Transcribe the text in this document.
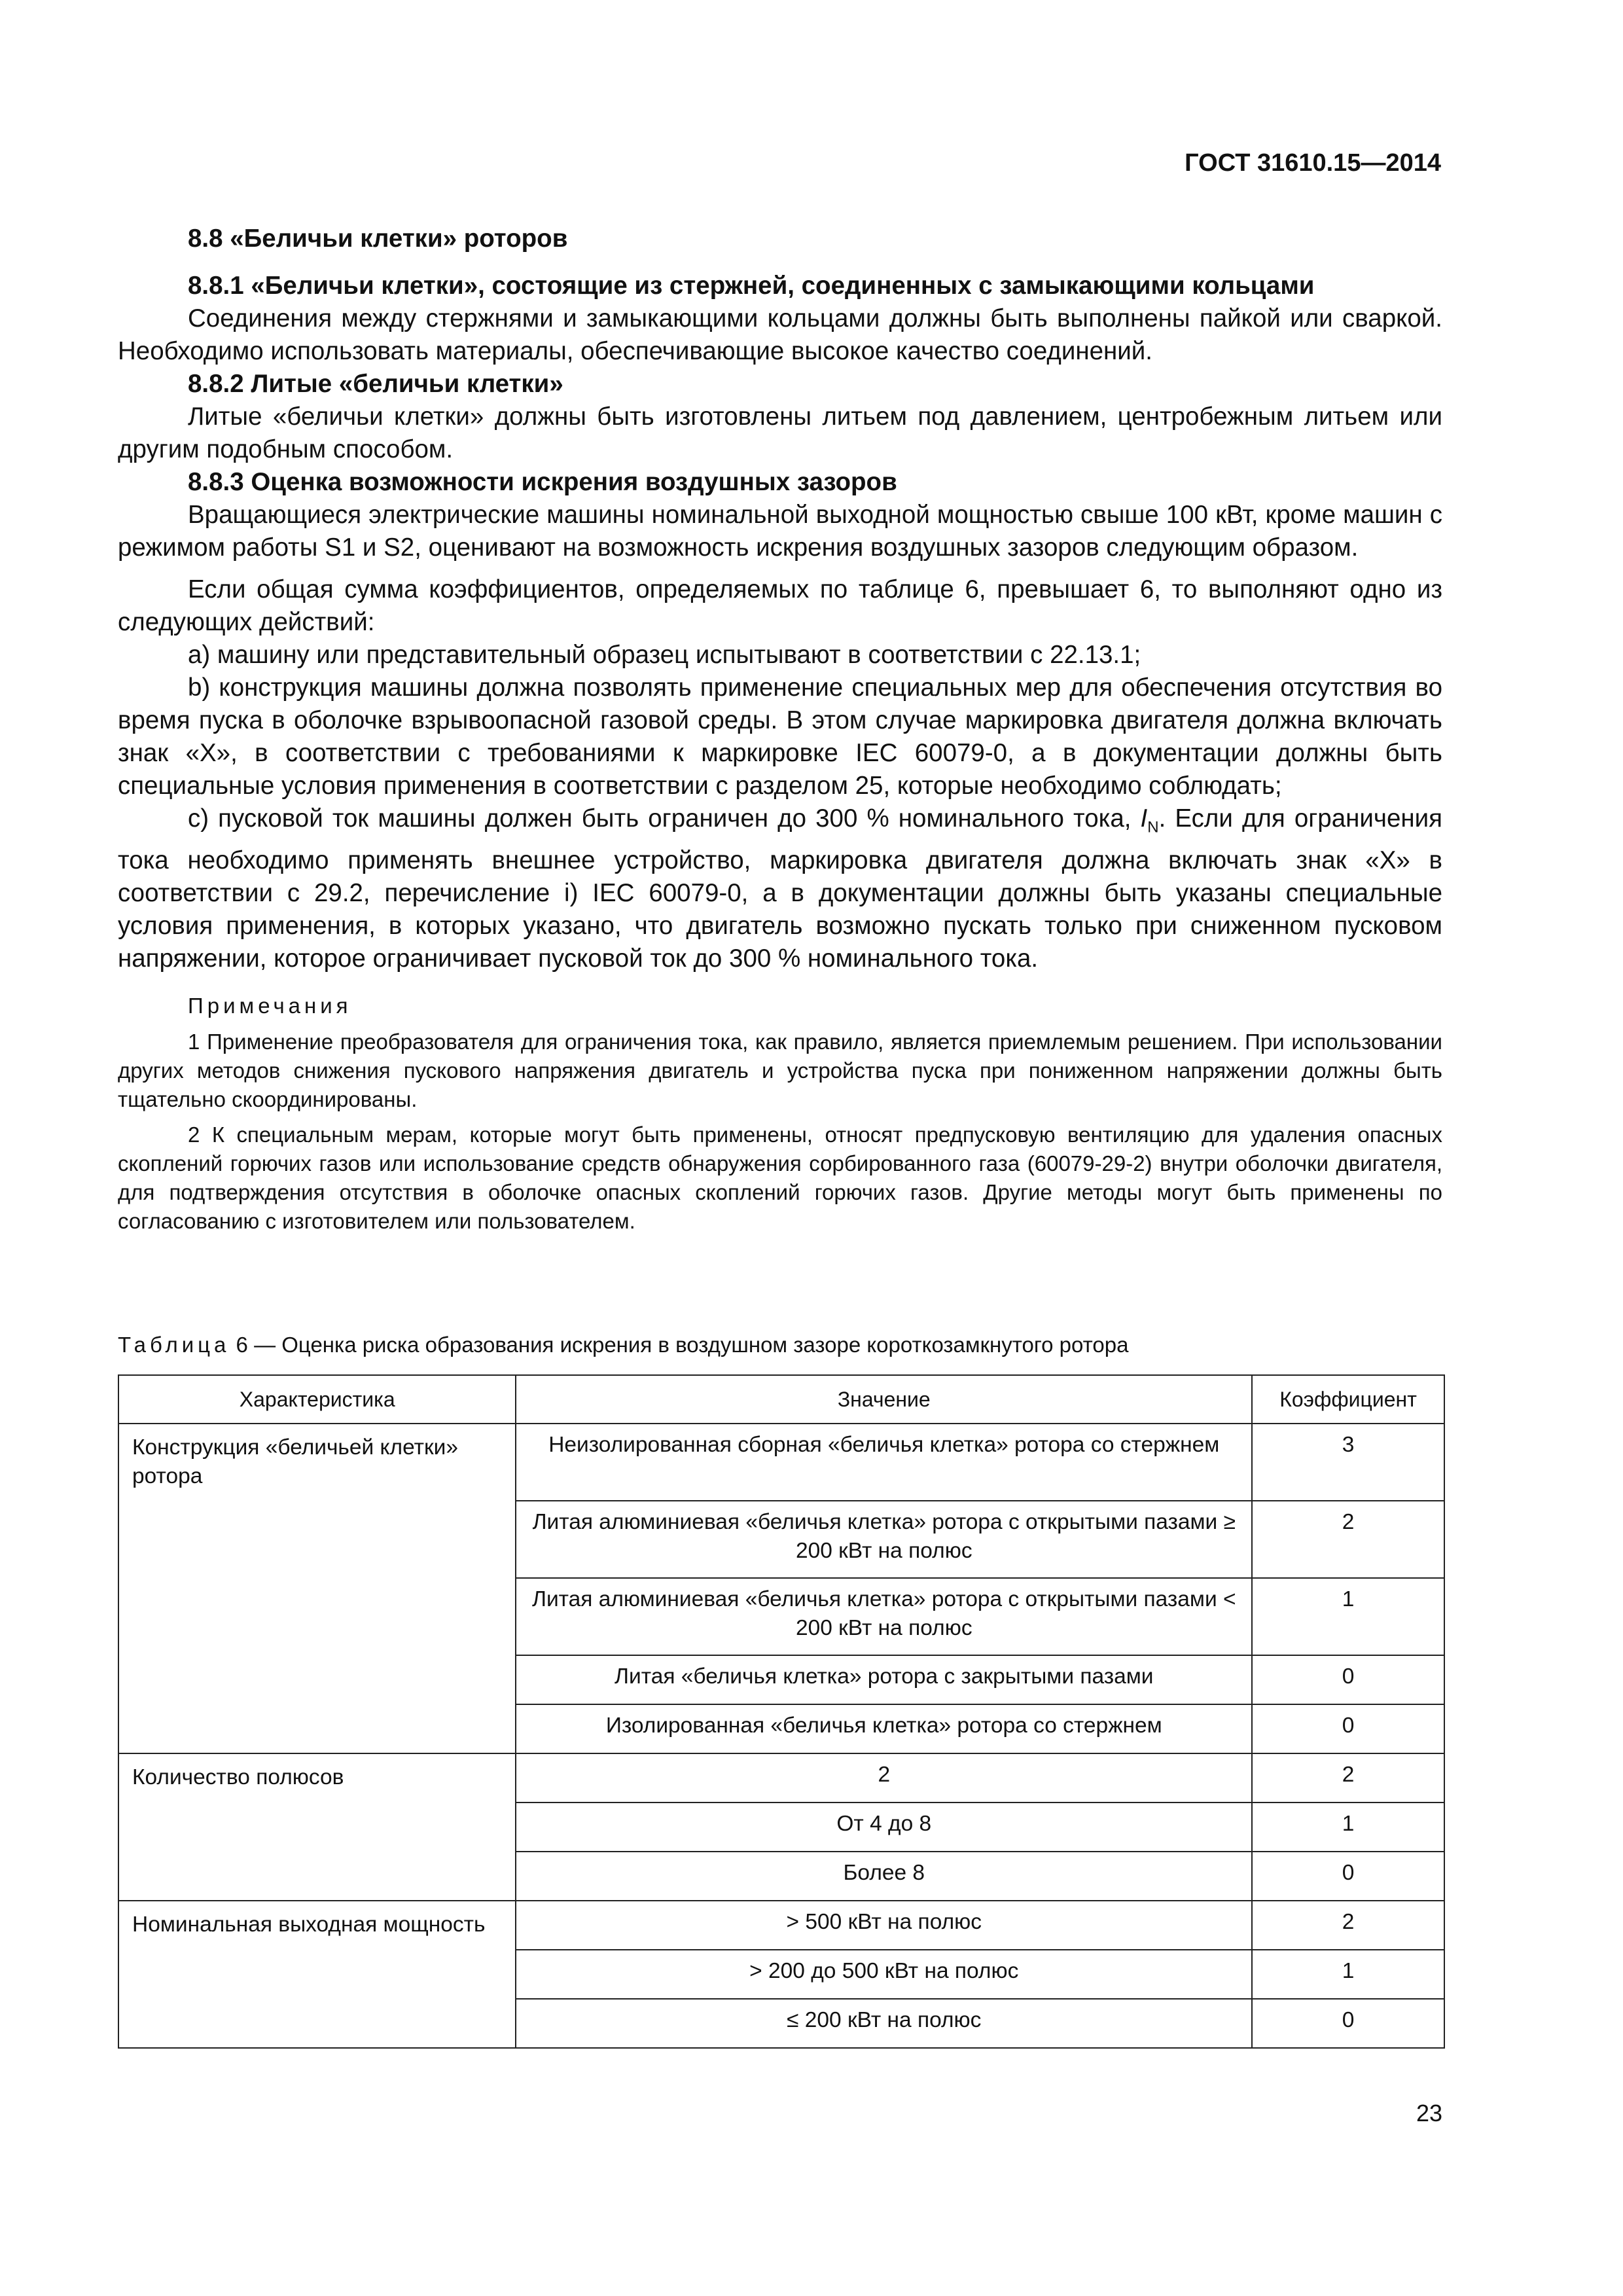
ГОСТ 31610.15—2014

8.8 «Беличьи клетки» роторов

8.8.1 «Беличьи клетки», состоящие из стержней, соединенных с замыкающими кольцами

Соединения между стержнями и замыкающими кольцами должны быть выполнены пайкой или сваркой. Необходимо использовать материалы, обеспечивающие высокое качество соединений.

8.8.2 Литые «беличьи клетки»

Литые «беличьи клетки» должны быть изготовлены литьем под давлением, центробежным литьем или другим подобным способом.

8.8.3 Оценка возможности искрения воздушных зазоров

Вращающиеся электрические машины номинальной выходной мощностью свыше 100 кВт, кроме машин с режимом работы S1 и S2, оценивают на возможность искрения воздушных зазоров следующим образом.

Если общая сумма коэффициентов, определяемых по таблице 6, превышает 6, то выполняют одно из следующих действий:

а) машину или представительный образец испытывают в соответствии с 22.13.1;

b) конструкция машины должна позволять применение специальных мер для обеспечения отсутствия во время пуска в оболочке взрывоопасной газовой среды. В этом случае маркировка двигателя должна включать знак «Х», в соответствии с требованиями к маркировке IEC 60079-0, а в документации должны быть специальные условия применения в соответствии с разделом 25, которые необходимо соблюдать;

с) пусковой ток машины должен быть ограничен до 300 % номинального тока, $I_N$. Если для ограничения тока необходимо применять внешнее устройство, маркировка двигателя должна включать знак «Х» в соответствии с 29.2, перечисление i) IEC 60079-0, а в документации должны быть указаны специальные условия применения, в которых указано, что двигатель возможно пускать только при сниженном пусковом напряжении, которое ограничивает пусковой ток до 300 % номинального тока.

Примечания

1 Применение преобразователя для ограничения тока, как правило, является приемлемым решением. При использовании других методов снижения пускового напряжения двигатель и устройства пуска при пониженном напряжении должны быть тщательно скоординированы.

2 К специальным мерам, которые могут быть применены, относят предпусковую вентиляцию для удаления опасных скоплений горючих газов или использование средств обнаружения сорбированного газа (60079-29-2) внутри оболочки двигателя, для подтверждения отсутствия в оболочке опасных скоплений горючих газов. Другие методы могут быть применены по согласованию с изготовителем или пользователем.

Таблица 6 — Оценка риска образования искрения в воздушном зазоре короткозамкнутого ротора
Характеристика	Значение	Коэффициент
Конструкция «беличьей клетки» ротора	Неизолированная сборная «беличья клетка» ротора со стержнем	3
	Литая алюминиевая «беличья клетка» ротора с открытыми пазами ≥ 200 кВт на полюс	2
	Литая алюминиевая «беличья клетка» ротора с открытыми пазами < 200 кВт на полюс	1
	Литая «беличья клетка» ротора с закрытыми пазами	0
	Изолированная «беличья клетка» ротора со стержнем	0
Количество полюсов	2	2
	От 4 до 8	1
	Более 8	0
Номинальная выходная мощность	> 500 кВт на полюс	2
	> 200 до 500 кВт на полюс	1
	≤ 200 кВт на полюс	0
23
